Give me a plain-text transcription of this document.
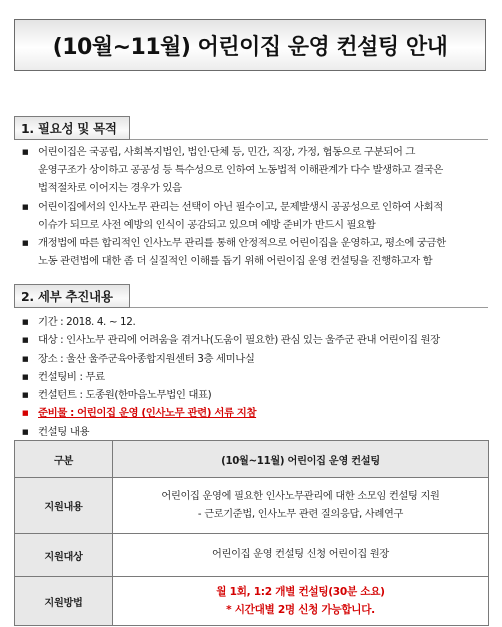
(10월~11월) 어린이집 운영 컨설팅 안내
1. 필요성 및 목적
■ 어린이집은 국공립, 사회복지법인, 법인·단체 등, 민간, 직장, 가정, 협동으로 구분되어 그
운영구조가 상이하고 공공성 등 특수성으로 인하여 노동법적 이해관계가 다수 발생하고 결국은
법적절차로 이어지는 경우가 있음
■ 어린이집에서의 인사노무 관리는 선택이 아닌 필수이고, 문제발생시 공공성으로 인하여 사회적
이슈가 되므로 사전 예방의 인식이 공감되고 있으며 예방 준비가 반드시 필요함
■ 개정법에 따른 합리적인 인사노무 관리를 통해 안정적으로 어린이집을 운영하고, 평소에 궁금한
노동 관련법에 대한 좀 더 실질적인 이해를 돕기 위해 어린이집 운영 컨설팅을 진행하고자 함
2. 세부 추진내용
■ 기간 : 2018. 4. ~ 12.
■ 대상 : 인사노무 관리에 어려움을 겪거나(도움이 필요한) 관심 있는 울주군 관내 어린이집 원장
■ 장소 : 울산 울주군육아종합지원센터 3층 세미나실
■ 컨설팅비 : 무료
■ 컨설턴트 : 도종원(한마음노무법인 대표)
■ 준비물 : 어린이집 운영 (인사노무 관련) 서류 지참
■ 컨설팅 내용
구분	(10월~11월) 어린이집 운영 컨설팅
지원내용	어린이집 운영에 필요한 인사노무관리에 대한 소모임 컨설팅 지원
- 근로기준법, 인사노무 관련 질의응답, 사례연구

지원대상	어린이집 운영 컨설팅 신청 어린이집 원장

지원방법	월 1회, 1:2 개별 컨설팅(30분 소요)
* 시간대별 2명 신청 가능합니다.
